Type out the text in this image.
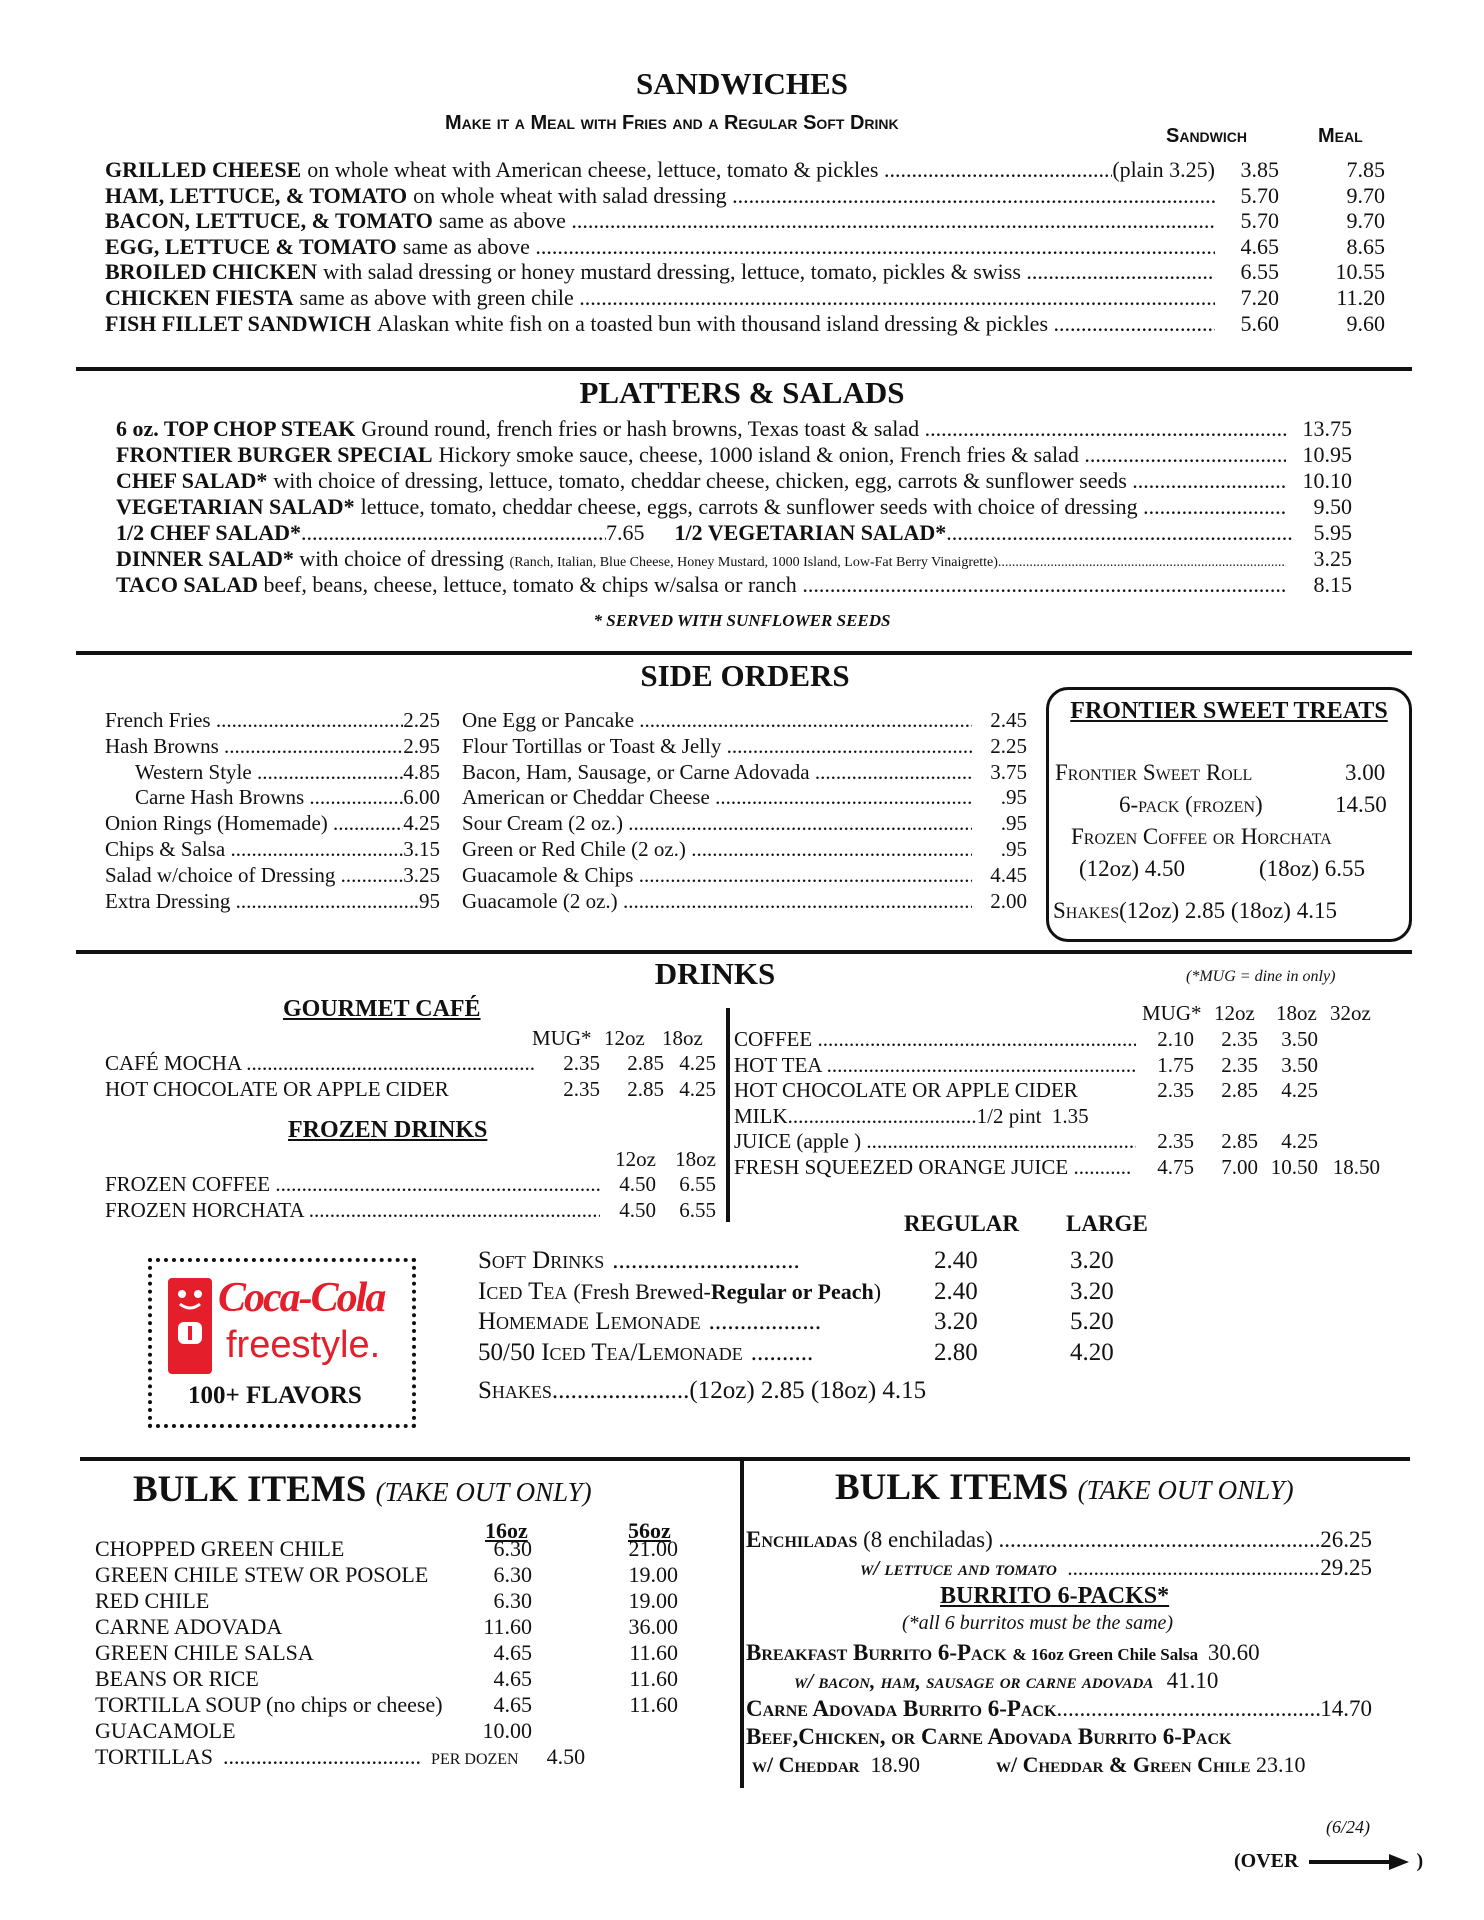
SANDWICHES
Make it a Meal with Fries and a Regular Soft Drink
Sandwich	Meal
GRILLED CHEESE on whole wheat with American cheese, lettuce, tomato & pickles .....	(plain 3.25)	3.85	7.85
HAM, LETTUCE, & TOMATO on whole wheat with salad dressing .....	5.70	9.70
BACON, LETTUCE, & TOMATO same as above .....	5.70	9.70
EGG, LETTUCE & TOMATO same as above .....	4.65	8.65
BROILED CHICKEN with salad dressing or honey mustard dressing, lettuce, tomato, pickles & swiss .....	6.55	10.55
CHICKEN FIESTA same as above with green chile .....	7.20	11.20
FISH FILLET SANDWICH Alaskan white fish on a toasted bun with thousand island dressing & pickles .....	5.60	9.60
PLATTERS & SALADS
6 oz. TOP CHOP STEAK Ground round, french fries or hash browns, Texas toast & salad .....	13.75
FRONTIER BURGER SPECIAL Hickory smoke sauce, cheese, 1000 island & onion, French fries & salad .....	10.95
CHEF SALAD* with choice of dressing, lettuce, tomato, cheddar cheese, chicken, egg, carrots & sunflower seeds .....	10.10
VEGETARIAN SALAD* lettuce, tomato, cheddar cheese, eggs, carrots & sunflower seeds with choice of dressing .....	9.50
1/2 CHEF SALAD* .....	7.65 1/2 VEGETARIAN SALAD* .....	5.95
DINNER SALAD*
with choice of dressing
(Ranch, Italian, Blue Cheese, Honey Mustard, 1000 Island, Low-Fat Berry Vinaigrette) .....	3.25
TACO SALAD
beef, beans, cheese, lettuce, tomato & chips w/salsa or ranch .....	8.15
* SERVED WITH SUNFLOWER SEEDS
SIDE ORDERS
French Fries .....	2.25
Hash Browns .....	2.95
Western Style .....	4.85
Carne Hash Browns .....	6.00
Onion Rings (Homemade) .....	4.25
Chips & Salsa .....	3.15
Salad w/choice of Dressing .....	3.25
Extra Dressing .....	.95
One Egg or Pancake .....	2.45
Flour Tortillas or Toast & Jelly .....	2.25
Bacon, Ham, Sausage, or Carne Adovada .....	3.75
American or Cheddar Cheese .....	.95
Sour Cream (2 oz.) .....	.95
Green or Red Chile (2 oz.) .....	.95
Guacamole & Chips .....	4.45
Guacamole (2 oz.) .....	2.00
FRONTIER SWEET TREATS
Frontier Sweet Roll	3.00
6-pack (frozen)	14.50
Frozen Coffee or Horchata
(12oz) 4.50	(18oz) 6.55
Shakes(12oz) 2.85 (18oz) 4.15
DRINKS	(*MUG = dine in only)
GOURMET CAFÉ
MUG* 12oz 18oz
CAFÉ MOCHA .....	2.35	2.85 4.25
HOT CHOCOLATE OR APPLE CIDER	2.35	2.85 4.25
FROZEN DRINKS
12oz 18oz
FROZEN COFFEE .....	4.50	6.55
FROZEN HORCHATA .....	4.50	6.55
MUG* 12oz 18oz 32oz
COFFEE .....	2.10	2.35	3.50
HOT TEA .....	1.75	2.35	3.50
HOT CHOCOLATE OR APPLE CIDER	2.35	2.85	4.25
MILK .................................... 1/2 pint  1.35
JUICE (apple ) .....	2.35	2.85	4.25
FRESH SQUEEZED ORANGE JUICE .....	4.75	7.00 10.50 18.50
REGULAR LARGE
Coca-Cola
freestyle.
100+ FLAVORS
Soft Drinks ..............................	2.40	3.20
Iced Tea (Fresh Brewed- Regular or Peach ) 2.40	3.20
Homemade Lemonade ..................	3.20	5.20
50/50 Iced Tea/Lemonade ..........	2.80	4.20
Shakes......................(12oz) 2.85 (18oz) 4.15
BULK ITEMS (TAKE OUT ONLY)
16oz	56oz
CHOPPED GREEN CHILE	6.30	21.00
GREEN CHILE STEW OR POSOLE	6.30	19.00
RED CHILE	6.30	19.00
CARNE ADOVADA	11.60	36.00
GREEN CHILE SALSA	4.65	11.60
BEANS OR RICE	4.65	11.60
TORTILLA SOUP (no chips or cheese)	4.65	11.60
GUACAMOLE	10.00
TORTILLAS .................................... PER DOZEN 4.50
BULK ITEMS (TAKE OUT ONLY)
Enchiladas
(8 enchiladas) .....	26.25
w/ lettuce and tomato
.....	29.25
BURRITO 6-PACKS*
(*all 6 burritos must be the same)
Breakfast Burrito 6-Pack & 16oz Green Chile Salsa 30.60
w/ bacon, ham, sausage or carne adovada 41.10
Carne Adovada Burrito 6-Pack .....	14.70
Beef,Chicken, or Carne Adovada Burrito 6-Pack
w/ Cheddar 18.90	w/ Cheddar & Green Chile 23.10
(6/24)
(OVER	)
